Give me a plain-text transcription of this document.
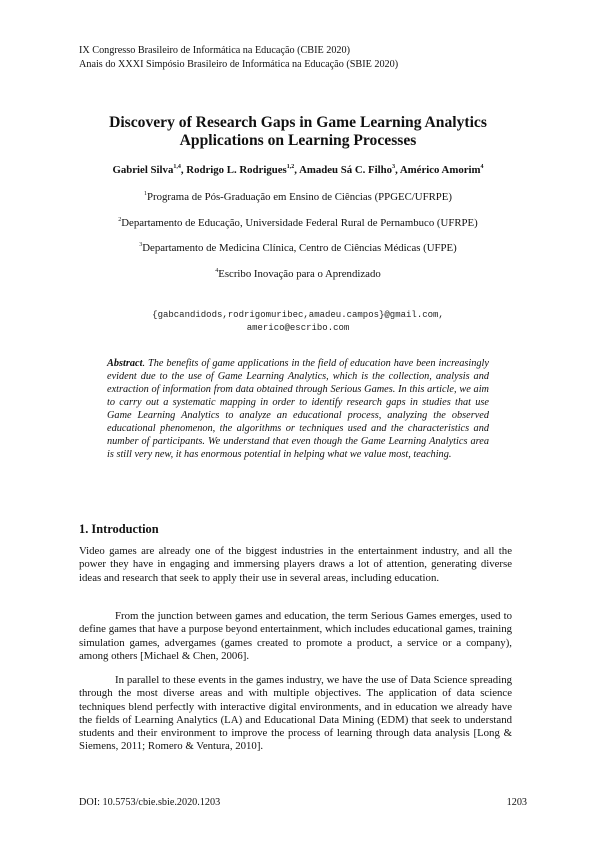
IX Congresso Brasileiro de Informática na Educação (CBIE 2020)
Anais do XXXI Simpósio Brasileiro de Informática na Educação (SBIE 2020)
Discovery of Research Gaps in Game Learning Analytics
Applications on Learning Processes
Gabriel Silva$^{1,4}$, Rodrigo L. Rodrigues$^{1,2}$, Amadeu Sá C. Filho$^3$, Américo Amorim$^4$
$^1$Programa de Pós-Graduação em Ensino de Ciências (PPGEC/UFRPE)
$^2$Departamento de Educação, Universidade Federal Rural de Pernambuco (UFRPE)
$^3$Departamento de Medicina Clínica, Centro de Ciências Médicas (UFPE)
$^4$Escribo Inovação para o Aprendizado
{gabcandidods,rodrigomuribec,amadeu.campos}@gmail.com,
americo@escribo.com
Abstract. The benefits of game applications in the field of education have been increasingly evident due to the use of Game Learning Analytics, which is the collection, analysis and extraction of information from data obtained through Serious Games. In this article, we aim to carry out a systematic mapping in order to identify research gaps in studies that use Game Learning Analytics to analyze an educational process, analyzing the observed educational phenomenon, the algorithms or techniques used and the characteristics and number of participants. We understand that even though the Game Learning Analytics area is still very new, it has enormous potential in helping what we value most, teaching.
1. Introduction
Video games are already one of the biggest industries in the entertainment industry, and all the power they have in engaging and immersing players draws a lot of attention, generating diverse ideas and research that seek to apply their use in several areas, including education.
From the junction between games and education, the term Serious Games emerges, used to define games that have a purpose beyond entertainment, which includes educational games, training simulation games, advergames (games created to promote a product, a service or a company), among others [Michael & Chen, 2006].
In parallel to these events in the games industry, we have the use of Data Science spreading through the most diverse areas and with multiple objectives. The application of data science techniques blend perfectly with interactive digital environments, and in education we already have the fields of Learning Analytics (LA) and Educational Data Mining (EDM) that seek to understand students and their environment to improve the process of learning through data analysis [Long & Siemens, 2011; Romero & Ventura, 2010].
DOI: 10.5753/cbie.sbie.2020.1203	1203
